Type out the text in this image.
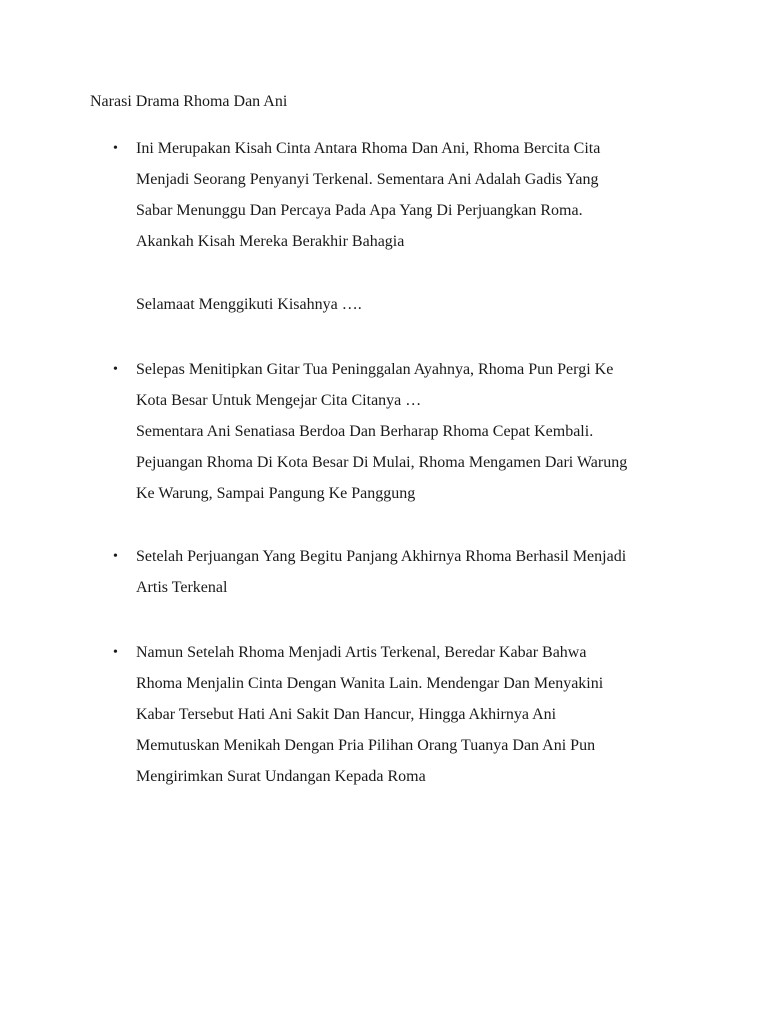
Narasi Drama Rhoma Dan Ani
• Ini Merupakan Kisah Cinta Antara Rhoma Dan Ani, Rhoma Bercita Cita
Menjadi Seorang Penyanyi Terkenal. Sementara Ani Adalah Gadis Yang
Sabar Menunggu Dan Percaya Pada Apa Yang Di Perjuangkan Roma.
Akankah Kisah Mereka Berakhir Bahagia
Selamaat Menggikuti Kisahnya ….
• Selepas Menitipkan Gitar Tua Peninggalan Ayahnya, Rhoma Pun Pergi Ke
Kota Besar Untuk Mengejar Cita Citanya …
Sementara Ani Senatiasa Berdoa Dan Berharap Rhoma Cepat Kembali.
Pejuangan Rhoma Di Kota Besar Di Mulai, Rhoma Mengamen Dari Warung
Ke Warung, Sampai Pangung Ke Panggung
• Setelah Perjuangan Yang Begitu Panjang Akhirnya Rhoma Berhasil Menjadi
Artis Terkenal
• Namun Setelah Rhoma Menjadi Artis Terkenal, Beredar Kabar Bahwa
Rhoma Menjalin Cinta Dengan Wanita Lain. Mendengar Dan Menyakini
Kabar Tersebut Hati Ani Sakit Dan Hancur, Hingga Akhirnya Ani
Memutuskan Menikah Dengan Pria Pilihan Orang Tuanya Dan Ani Pun
Mengirimkan Surat Undangan Kepada Roma
